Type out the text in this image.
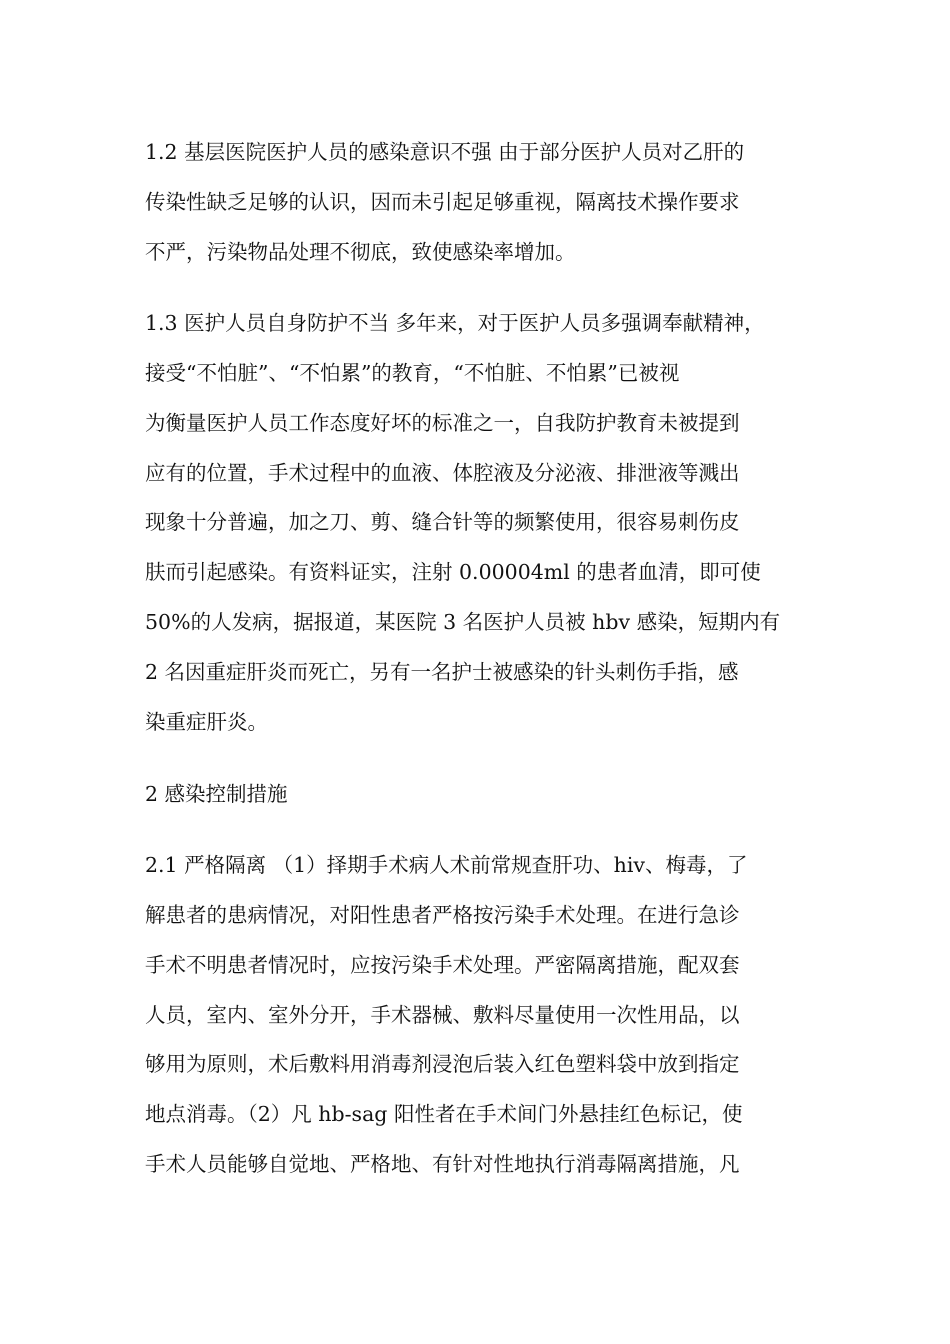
1.2 基层医院医护人员的感染意识不强 由于部分医护人员对乙肝的
传染性缺乏足够的认识，因而未引起足够重视，隔离技术操作要求
不严，污染物品处理不彻底，致使感染率增加。
1.3 医护人员自身防护不当 多年来，对于医护人员多强调奉献精神，
接受“不怕脏”、“不怕累”的教育，“不怕脏、不怕累”已被视
为衡量医护人员工作态度好坏的标准之一，自我防护教育未被提到
应有的位置，手术过程中的血液、体腔液及分泌液、排泄液等溅出
现象十分普遍，加之刀、剪、缝合针等的频繁使用，很容易刺伤皮
肤而引起感染。有资料证实，注射 0.00004ml 的患者血清，即可使
50%的人发病，据报道，某医院 3 名医护人员被 hbv 感染，短期内有
2 名因重症肝炎而死亡，另有一名护士被感染的针头刺伤手指，感
染重症肝炎。
2 感染控制措施
2.1 严格隔离 （1）择期手术病人术前常规查肝功、hiv、梅毒，了
解患者的患病情况，对阳性患者严格按污染手术处理。在进行急诊
手术不明患者情况时，应按污染手术处理。严密隔离措施，配双套
人员，室内、室外分开，手术器械、敷料尽量使用一次性用品，以
够用为原则，术后敷料用消毒剂浸泡后装入红色塑料袋中放到指定
地点消毒。（2）凡 hb-sag 阳性者在手术间门外悬挂红色标记，使
手术人员能够自觉地、严格地、有针对性地执行消毒隔离措施，凡
